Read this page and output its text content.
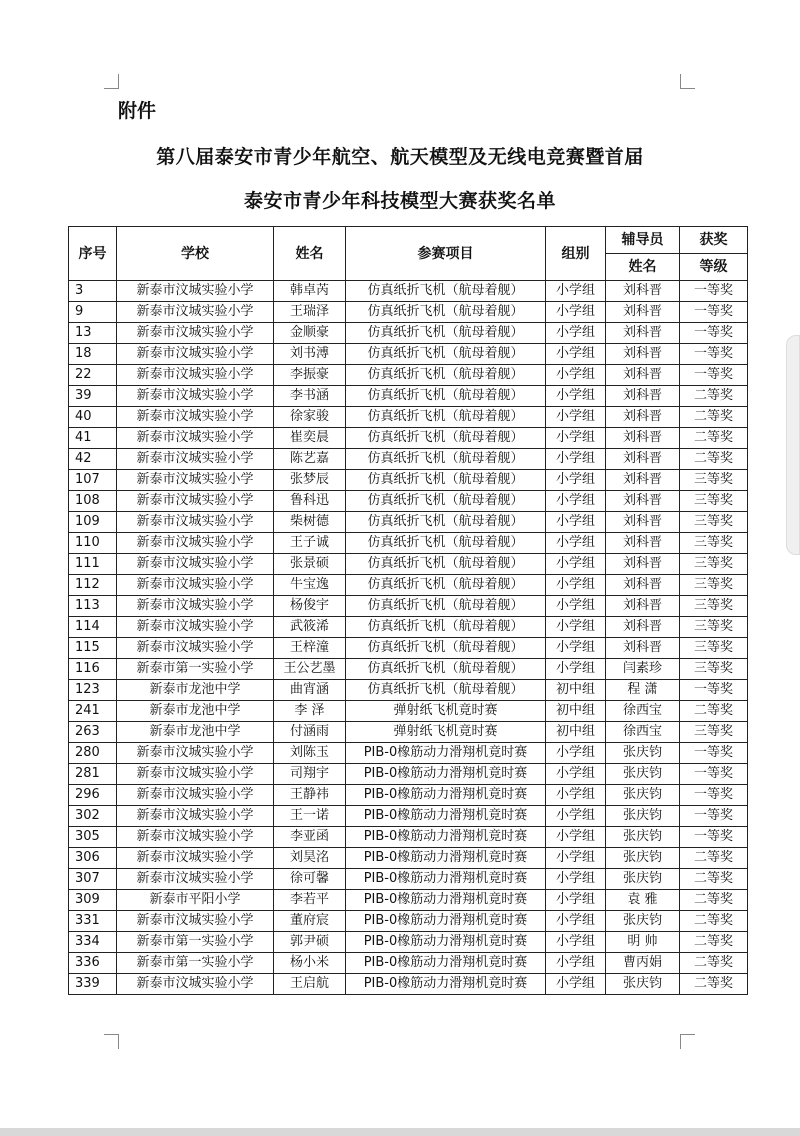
附件
第八届泰安市青少年航空、航天模型及无线电竞赛暨首届
泰安市青少年科技模型大赛获奖名单
序号	学校	姓名	参赛项目	组别	辅导员	获奖
					姓名	等级
3	新泰市汶城实验小学	韩卓芮	仿真纸折飞机（航母着舰）	小学组	刘科晋	一等奖
9	新泰市汶城实验小学	王瑞泽	仿真纸折飞机（航母着舰）	小学组	刘科晋	一等奖
13	新泰市汶城实验小学	金顺豪	仿真纸折飞机（航母着舰）	小学组	刘科晋	一等奖
18	新泰市汶城实验小学	刘书溥	仿真纸折飞机（航母着舰）	小学组	刘科晋	一等奖
22	新泰市汶城实验小学	李振豪	仿真纸折飞机（航母着舰）	小学组	刘科晋	一等奖
39	新泰市汶城实验小学	李书涵	仿真纸折飞机（航母着舰）	小学组	刘科晋	二等奖
40	新泰市汶城实验小学	徐家骏	仿真纸折飞机（航母着舰）	小学组	刘科晋	二等奖
41	新泰市汶城实验小学	崔奕晨	仿真纸折飞机（航母着舰）	小学组	刘科晋	二等奖
42	新泰市汶城实验小学	陈艺嘉	仿真纸折飞机（航母着舰）	小学组	刘科晋	二等奖
107	新泰市汶城实验小学	张梦辰	仿真纸折飞机（航母着舰）	小学组	刘科晋	三等奖
108	新泰市汶城实验小学	鲁科迅	仿真纸折飞机（航母着舰）	小学组	刘科晋	三等奖
109	新泰市汶城实验小学	柴树德	仿真纸折飞机（航母着舰）	小学组	刘科晋	三等奖
110	新泰市汶城实验小学	王子诚	仿真纸折飞机（航母着舰）	小学组	刘科晋	三等奖
111	新泰市汶城实验小学	张景硕	仿真纸折飞机（航母着舰）	小学组	刘科晋	三等奖
112	新泰市汶城实验小学	牛宝逸	仿真纸折飞机（航母着舰）	小学组	刘科晋	三等奖
113	新泰市汶城实验小学	杨俊宇	仿真纸折飞机（航母着舰）	小学组	刘科晋	三等奖
114	新泰市汶城实验小学	武筱浠	仿真纸折飞机（航母着舰）	小学组	刘科晋	三等奖
115	新泰市汶城实验小学	王梓潼	仿真纸折飞机（航母着舰）	小学组	刘科晋	三等奖
116	新泰市第一实验小学	王公艺墨	仿真纸折飞机（航母着舰）	小学组	闫素珍	三等奖
123	新泰市龙池中学	曲宵涵	仿真纸折飞机（航母着舰）	初中组	程 潇	一等奖
241	新泰市龙池中学	李 泽	弹射纸飞机竟时赛	初中组	徐西宝	二等奖
263	新泰市龙池中学	付涵雨	弹射纸飞机竟时赛	初中组	徐西宝	三等奖
280	新泰市汶城实验小学	刘陈玉	PIB-0橡筋动力滑翔机竟时赛	小学组	张庆钧	一等奖
281	新泰市汶城实验小学	司翔宇	PIB-0橡筋动力滑翔机竟时赛	小学组	张庆钧	一等奖
296	新泰市汶城实验小学	王静祎	PIB-0橡筋动力滑翔机竟时赛	小学组	张庆钧	一等奖
302	新泰市汶城实验小学	王一诺	PIB-0橡筋动力滑翔机竟时赛	小学组	张庆钧	一等奖
305	新泰市汶城实验小学	李亚函	PIB-0橡筋动力滑翔机竟时赛	小学组	张庆钧	一等奖
306	新泰市汶城实验小学	刘昊洺	PIB-0橡筋动力滑翔机竟时赛	小学组	张庆钧	二等奖
307	新泰市汶城实验小学	徐可馨	PIB-0橡筋动力滑翔机竟时赛	小学组	张庆钧	二等奖
309	新泰市平阳小学	李若平	PIB-0橡筋动力滑翔机竟时赛	小学组	袁 雅	二等奖
331	新泰市汶城实验小学	董府宸	PIB-0橡筋动力滑翔机竟时赛	小学组	张庆钧	二等奖
334	新泰市第一实验小学	郭尹硕	PIB-0橡筋动力滑翔机竟时赛	小学组	明 帅	二等奖
336	新泰市第一实验小学	杨小米	PIB-0橡筋动力滑翔机竟时赛	小学组	曹丙娟	二等奖
339	新泰市汶城实验小学	王启航	PIB-0橡筋动力滑翔机竟时赛	小学组	张庆钧	二等奖
